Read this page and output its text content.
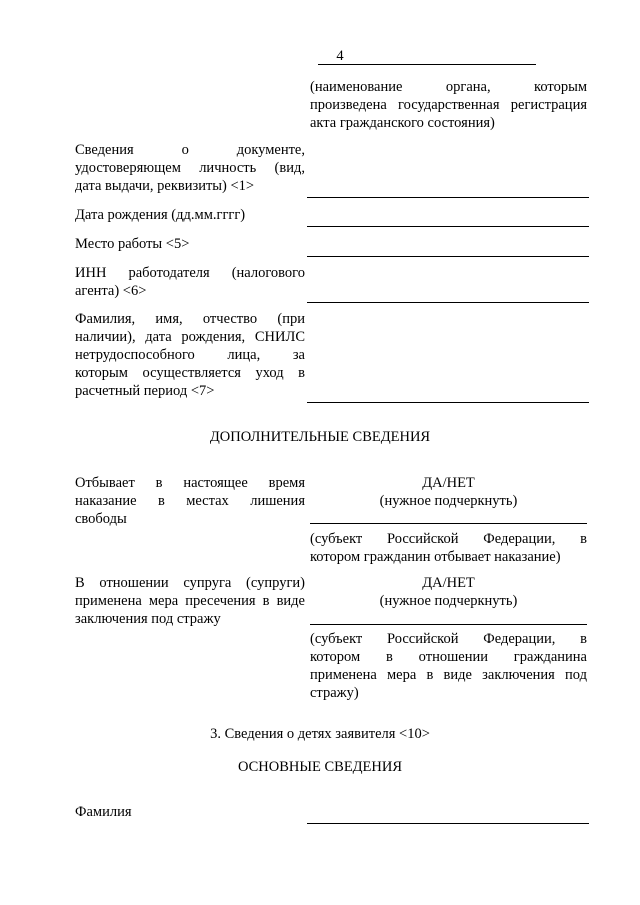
4
(наименование органа, которым
произведена государственная регистрация
акта гражданского состояния)
Сведения о документе,
удостоверяющем личность (вид,
дата выдачи, реквизиты) <1>
Дата рождения (дд.мм.гггг)
Место работы <5>
ИНН работодателя (налогового
агента) <6>
Фамилия, имя, отчество (при
наличии), дата рождения, СНИЛС
нетрудоспособного лица, за
которым осуществляется уход в
расчетный период <7>
ДОПОЛНИТЕЛЬНЫЕ СВЕДЕНИЯ
Отбывает в настоящее время
наказание в местах лишения
свободы
ДА/НЕТ
(нужное подчеркнуть)
(субъект Российской Федерации, в
котором гражданин отбывает наказание)
В отношении супруга (супруги)
применена мера пресечения в виде
заключения под стражу
ДА/НЕТ
(нужное подчеркнуть)
(субъект Российской Федерации, в
котором в отношении гражданина
применена мера в виде заключения под
стражу)
3. Сведения о детях заявителя <10>
ОСНОВНЫЕ СВЕДЕНИЯ
Фамилия
